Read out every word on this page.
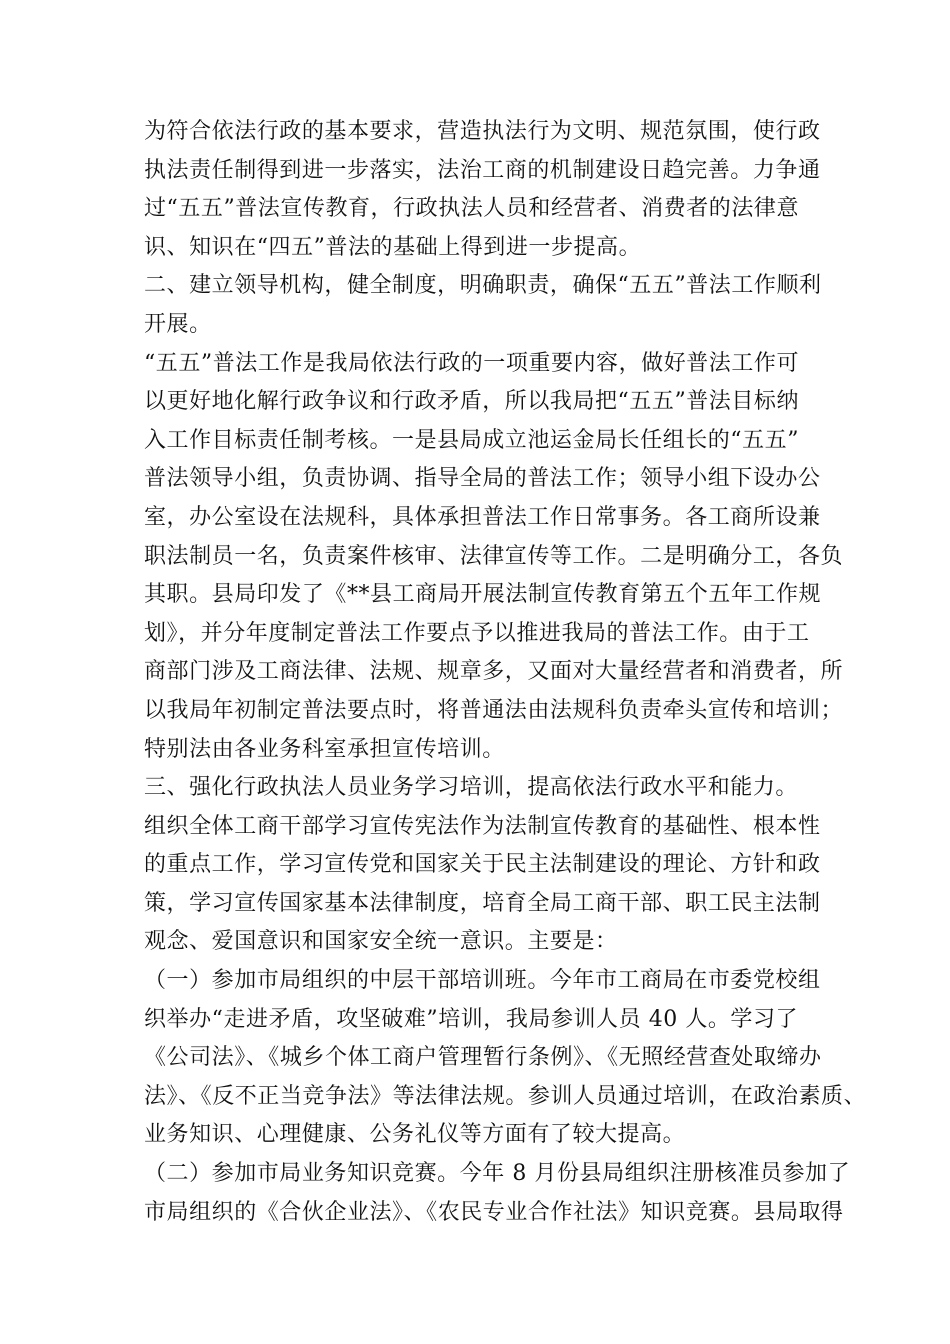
为符合依法行政的基本要求，营造执法行为文明、规范氛围，使行政
执法责任制得到进一步落实，法治工商的机制建设日趋完善。力争通
过“五五”普法宣传教育，行政执法人员和经营者、消费者的法律意
识、知识在“四五”普法的基础上得到进一步提高。
二、建立领导机构，健全制度，明确职责，确保“五五”普法工作顺利
开展。
“五五”普法工作是我局依法行政的一项重要内容，做好普法工作可
以更好地化解行政争议和行政矛盾，所以我局把“五五”普法目标纳
入工作目标责任制考核。一是县局成立池运金局长任组长的“五五”
普法领导小组，负责协调、指导全局的普法工作；领导小组下设办公
室，办公室设在法规科，具体承担普法工作日常事务。各工商所设兼
职法制员一名，负责案件核审、法律宣传等工作。二是明确分工，各负
其职。县局印发了《**县工商局开展法制宣传教育第五个五年工作规
划》，并分年度制定普法工作要点予以推进我局的普法工作。由于工
商部门涉及工商法律、法规、规章多，又面对大量经营者和消费者，所
以我局年初制定普法要点时，将普通法由法规科负责牵头宣传和培训；
特别法由各业务科室承担宣传培训。
三、强化行政执法人员业务学习培训，提高依法行政水平和能力。
组织全体工商干部学习宣传宪法作为法制宣传教育的基础性、根本性
的重点工作，学习宣传党和国家关于民主法制建设的理论、方针和政
策，学习宣传国家基本法律制度，培育全局工商干部、职工民主法制
观念、爱国意识和国家安全统一意识。主要是：
（一）参加市局组织的中层干部培训班。今年市工商局在市委党校组
织举办“走进矛盾，攻坚破难”培训，我局参训人员 40 人。学习了
《公司法》、《城乡个体工商户管理暂行条例》、《无照经营查处取缔办
法》、《反不正当竞争法》等法律法规。参训人员通过培训，在政治素质、
业务知识、心理健康、公务礼仪等方面有了较大提高。
（二）参加市局业务知识竞赛。今年 8 月份县局组织注册核准员参加了
市局组织的《合伙企业法》、《农民专业合作社法》知识竞赛。县局取得
